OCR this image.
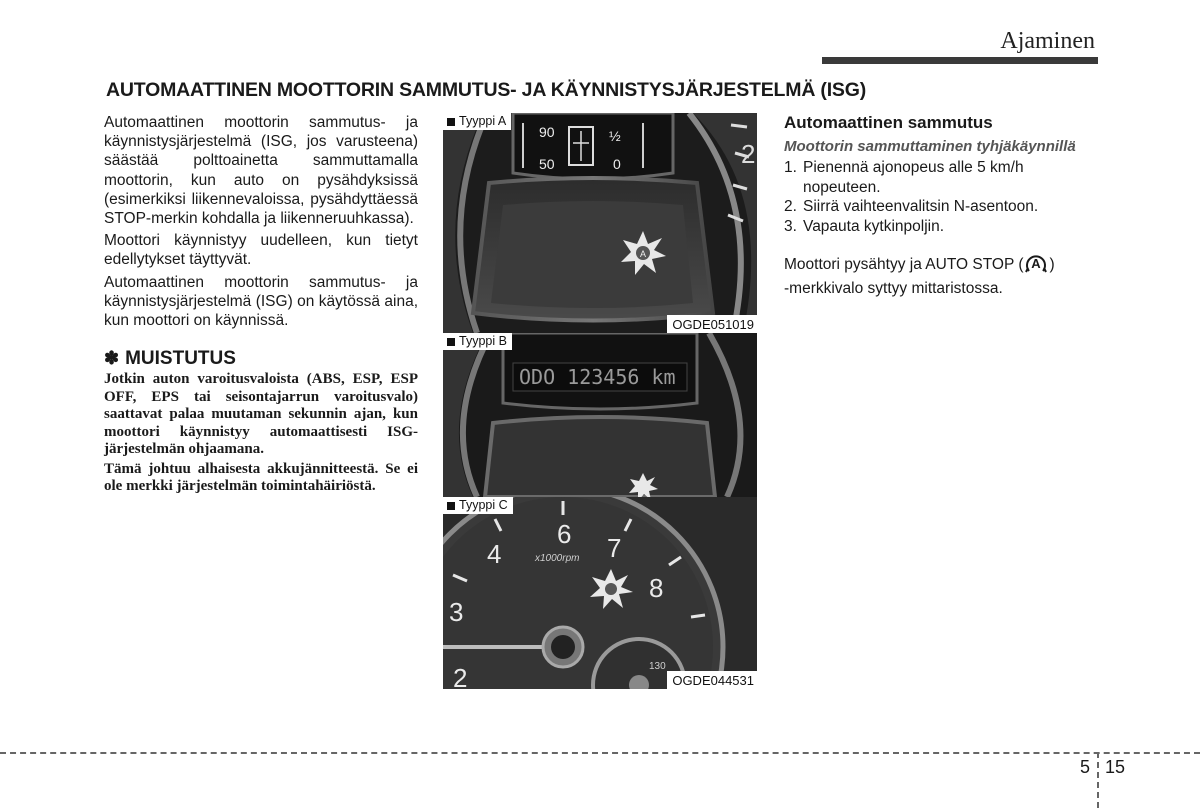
Ajaminen
AUTOMAATTINEN MOOTTORIN SAMMUTUS- JA KÄYNNISTYSJÄRJESTELMÄ (ISG)

Automaattinen moottorin sammutus- ja käynnistysjärjestelmä (ISG, jos varusteena) säästää polttoainetta sammuttamalla moottorin, kun auto on pysähdyksissä (esimerkiksi liikennevaloissa, pysähdyttäessä STOP-merkin kohdalla ja liikenneruuhkassa).

Moottori käynnistyy uudelleen, kun tietyt edellytykset täyttyvät.

Automaattinen moottorin sammutus- ja käynnistysjärjestelmä (ISG) on käytössä aina, kun moottori on käynnissä.

✽ MUISTUTUS

Jotkin auton varoitusvaloista (ABS, ESP, ESP OFF, EPS tai seisontajarrun varoitusvalo) saattavat palaa muutaman sekunnin ajan, kun moottori käynnistyy automaattisesti ISG-järjestelmän ohjaamana.

Tämä johtuu alhaisesta akkujännitteestä. Se ei ole merkki järjestelmän toimintahäiriöstä.

2
90
50
½
0
A
Tyyppi A
OGDE051019
ODO 123456 km
Tyyppi B
6 7
8
4
3
2
x1000rpm
130
Tyyppi C
OGDE044531
Automaattinen sammutus
Moottorin sammuttaminen tyhjäkäynnillä
1. Pienennä ajonopeus alle 5 km/h nopeuteen.
2. Siirrä vaihteenvalitsin N-asentoon.
3. Vapauta kytkinpoljin.
Moottori pysähtyy ja AUTO STOP ( A )
-merkkivalo syttyy mittaristossa.
5 15
